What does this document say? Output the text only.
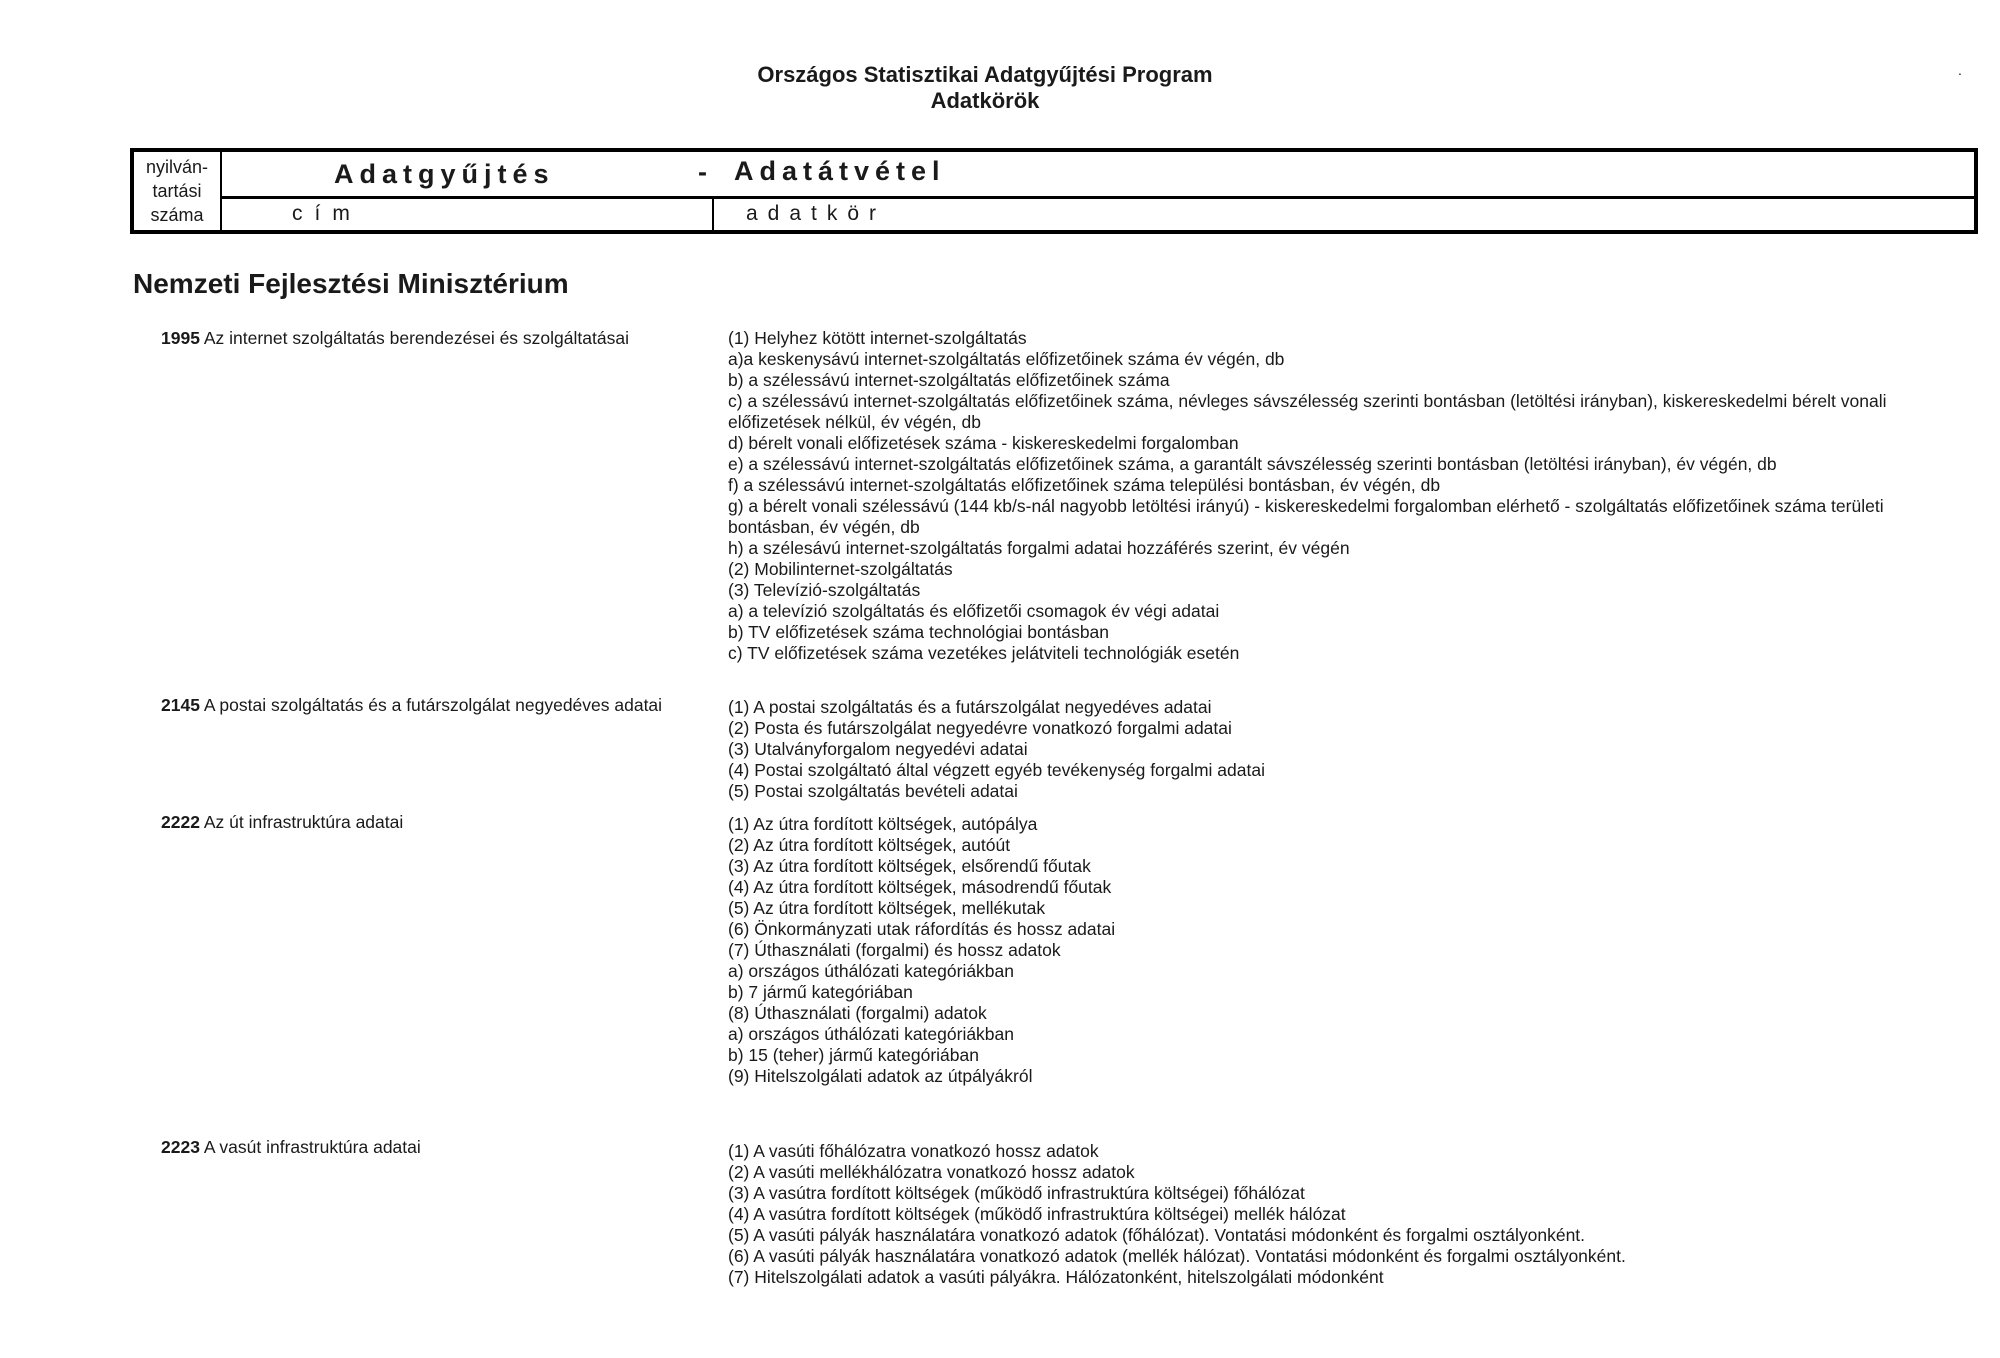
Országos Statisztikai Adatgyűjtési Program
Adatkörök
.
nyilván-
tartási
száma
Adatgyűjtés	- Adatátvétel
cím	adatkör
Nemzeti Fejlesztési Minisztérium
1995 Az internet szolgáltatás berendezései és szolgáltatásai	(1) Helyhez kötött internet-szolgáltatás
a)a keskenysávú internet-szolgáltatás előfizetőinek száma év végén, db
b) a szélessávú internet-szolgáltatás előfizetőinek száma
c) a szélessávú internet-szolgáltatás előfizetőinek száma, névleges sávszélesség szerinti bontásban (letöltési irányban), kiskereskedelmi bérelt vonali előfizetések nélkül, év végén, db
d) bérelt vonali előfizetések száma - kiskereskedelmi forgalomban
e) a szélessávú internet-szolgáltatás előfizetőinek száma, a garantált sávszélesség szerinti bontásban (letöltési irányban), év végén, db
f) a szélessávú internet-szolgáltatás előfizetőinek száma települési bontásban, év végén, db
g) a bérelt vonali szélessávú (144 kb/s-nál nagyobb letöltési irányú) - kiskereskedelmi forgalomban elérhető - szolgáltatás előfizetőinek száma területi bontásban, év végén, db
h) a szélesávú internet-szolgáltatás forgalmi adatai hozzáférés szerint, év végén
(2) Mobilinternet-szolgáltatás
(3) Televízió-szolgáltatás
a) a televízió szolgáltatás és előfizetői csomagok év végi adatai
b) TV előfizetések száma technológiai bontásban
c) TV előfizetések száma vezetékes jelátviteli technológiák esetén
2145 A postai szolgáltatás és a futárszolgálat negyedéves adatai	(1) A postai szolgáltatás és a futárszolgálat negyedéves adatai
(2) Posta és futárszolgálat negyedévre vonatkozó forgalmi adatai
(3) Utalványforgalom negyedévi adatai
(4) Postai szolgáltató által végzett egyéb tevékenység forgalmi adatai
(5) Postai szolgáltatás bevételi adatai
2222 Az út infrastruktúra adatai	(1) Az útra fordított költségek, autópálya
(2) Az útra fordított költségek, autóút
(3) Az útra fordított költségek, elsőrendű főutak
(4) Az útra fordított költségek, másodrendű főutak
(5) Az útra fordított költségek, mellékutak
(6) Önkormányzati utak ráfordítás és hossz adatai
(7) Úthasználati (forgalmi) és hossz adatok
a) országos úthálózati kategóriákban
b) 7 jármű kategóriában
(8) Úthasználati (forgalmi) adatok
a) országos úthálózati kategóriákban
b) 15 (teher) jármű kategóriában
(9) Hitelszolgálati adatok az útpályákról
2223 A vasút infrastruktúra adatai	(1) A vasúti főhálózatra vonatkozó hossz adatok
(2) A vasúti mellékhálózatra vonatkozó hossz adatok
(3) A vasútra fordított költségek (működő infrastruktúra költségei) főhálózat
(4) A vasútra fordított költségek (működő infrastruktúra költségei) mellék hálózat
(5) A vasúti pályák használatára vonatkozó adatok (főhálózat). Vontatási módonként és forgalmi osztályonként.
(6) A vasúti pályák használatára vonatkozó adatok (mellék hálózat). Vontatási módonként és forgalmi osztályonként.
(7) Hitelszolgálati adatok a vasúti pályákra. Hálózatonként, hitelszolgálati módonként
